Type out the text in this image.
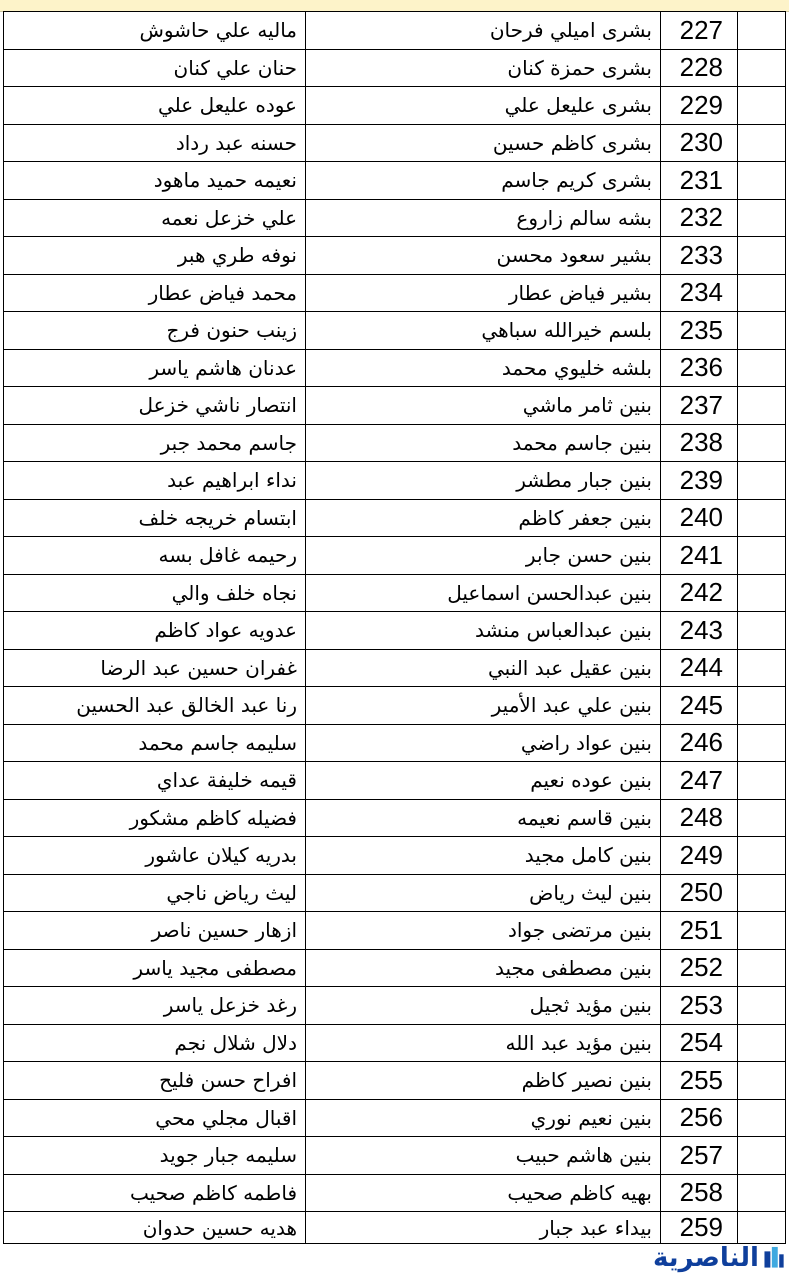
ماليه علي حاشوش	بشرى اميلي فرحان	227	
حنان علي كنان	بشرى حمزة كنان	228	
عوده عليعل علي	بشرى عليعل علي	229	
حسنه عبد رداد	بشرى كاظم حسين	230	
نعيمه حميد ماهود	بشرى كريم جاسم	231	
علي خزعل نعمه	بشه سالم زاروع	232	
نوفه طري هبر	بشير سعود محسن	233	
محمد فياض عطار	بشير فياض عطار	234	
زينب حنون فرج	بلسم خيرالله سباهي	235	
عدنان هاشم ياسر	بلشه خليوي محمد	236	
انتصار ناشي خزعل	بنين ثامر ماشي	237	
جاسم محمد جبر	بنين جاسم محمد	238	
نداء ابراهيم عبد	بنين جبار مطشر	239	
ابتسام خريجه خلف	بنين جعفر كاظم	240	
رحيمه غافل بسه	بنين حسن جابر	241	
نجاه خلف والي	بنين عبدالحسن اسماعيل	242	
عدويه عواد كاظم	بنين عبدالعباس منشد	243	
غفران حسين عبد الرضا	بنين عقيل عبد النبي	244	
رنا عبد الخالق عبد الحسين	بنين علي عبد الأمير	245	
سليمه جاسم محمد	بنين عواد راضي	246	
قيمه خليفة عداي	بنين عوده نعيم	247	
فضيله كاظم مشكور	بنين قاسم نعيمه	248	
بدريه كيلان عاشور	بنين كامل مجيد	249	
ليث رياض ناجي	بنين ليث رياض	250	
ازهار حسين ناصر	بنين مرتضى جواد	251	
مصطفى مجيد ياسر	بنين مصطفى مجيد	252	
رغد خزعل ياسر	بنين مؤيد ثجيل	253	
دلال شلال نجم	بنين مؤيد عبد الله	254	
افراح حسن فليح	بنين نصير كاظم	255	
اقبال مجلي محي	بنين نعيم نوري	256	
سليمه جبار جويد	بنين هاشم حبيب	257	
فاطمه كاظم صحيب	بهيه كاظم صحيب	258	
هديه حسين حدوان	بيداء عبد جبار	259	
الناصرية
